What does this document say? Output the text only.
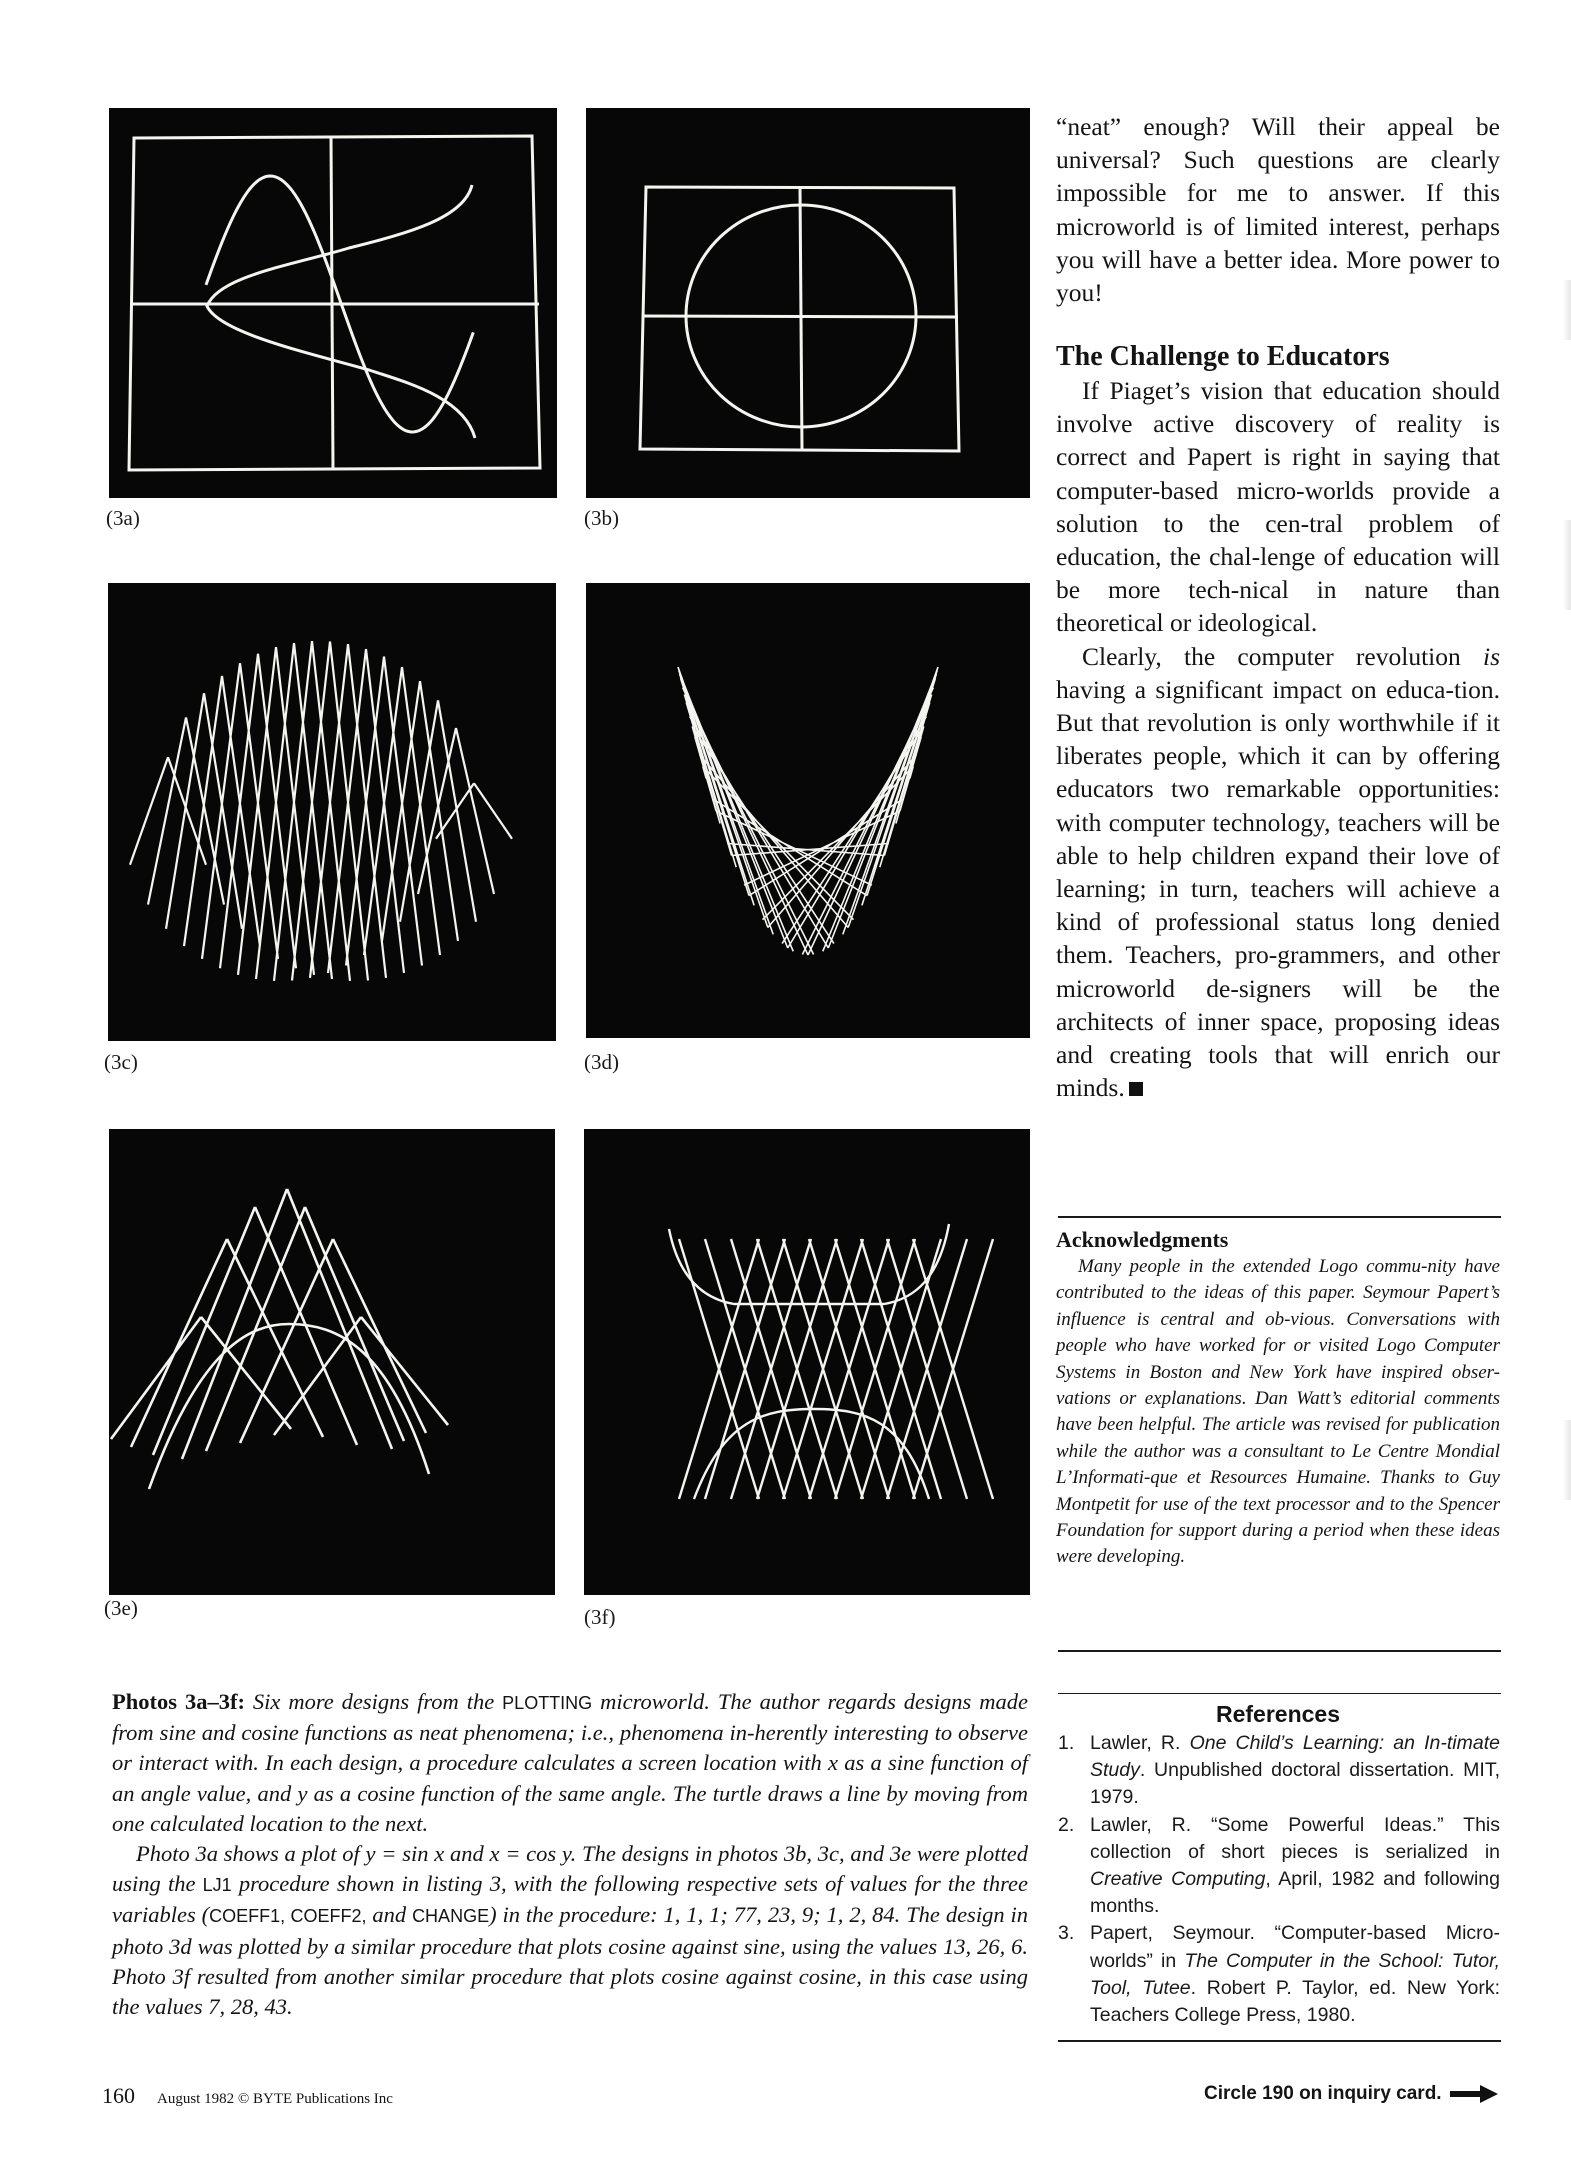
(3a)	(3b)
(3c)	(3d)
(3e)	(3f)

“neat” enough? Will their appeal be universal? Such questions are clearly impossible for me to answer. If this microworld is of limited interest, perhaps you will have a better idea. More power to you!

The Challenge to Educators

If Piaget’s vision that education should involve active discovery of reality is correct and Papert is right in saying that computer-based micro-worlds provide a solution to the cen-tral problem of education, the chal-lenge of education will be more tech-nical in nature than theoretical or ideological.

Clearly, the computer revolution is having a significant impact on educa-tion. But that revolution is only worthwhile if it liberates people, which it can by offering educators two remarkable opportunities: with computer technology, teachers will be able to help children expand their love of learning; in turn, teachers will achieve a kind of professional status long denied them. Teachers, pro-grammers, and other microworld de-signers will be the architects of inner space, proposing ideas and creating tools that will enrich our minds.

Acknowledgments

Many people in the extended Logo commu-nity have contributed to the ideas of this paper. Seymour Papert’s influence is central and ob-vious. Conversations with people who have worked for or visited Logo Computer Systems in Boston and New York have inspired obser-vations or explanations. Dan Watt’s editorial comments have been helpful. The article was revised for publication while the author was a consultant to Le Centre Mondial L’Informati-que et Resources Humaine. Thanks to Guy Montpetit for use of the text processor and to the Spencer Foundation for support during a period when these ideas were developing.

References
1. Lawler, R. One Child’s Learning: an In-timate Study. Unpublished doctoral dissertation. MIT, 1979.
2. Lawler, R. “Some Powerful Ideas.” This collection of short pieces is serialized in Creative Computing, April, 1982 and following months.
3. Papert, Seymour. “Computer-based Micro-worlds” in The Computer in the School: Tutor, Tool, Tutee. Robert P. Taylor, ed. New York: Teachers College Press, 1980.

Photos 3a–3f: Six more designs from the PLOTTING microworld. The author regards designs made from sine and cosine functions as neat phenomena; i.e., phenomena in-herently interesting to observe or interact with. In each design, a procedure calculates a screen location with x as a sine function of an angle value, and y as a cosine function of the same angle. The turtle draws a line by moving from one calculated location to the next.

Photo 3a shows a plot of y = sin x and x = cos y. The designs in photos 3b, 3c, and 3e were plotted using the LJ1 procedure shown in listing 3, with the following respective sets of values for the three variables (COEFF1, COEFF2, and CHANGE) in the procedure: 1, 1, 1; 77, 23, 9; 1, 2, 84. The design in photo 3d was plotted by a similar procedure that plots cosine against sine, using the values 13, 26, 6. Photo 3f resulted from another similar procedure that plots cosine against cosine, in this case using the values 7, 28, 43.

160 August 1982 © BYTE Publications Inc	Circle 190 on inquiry card.
